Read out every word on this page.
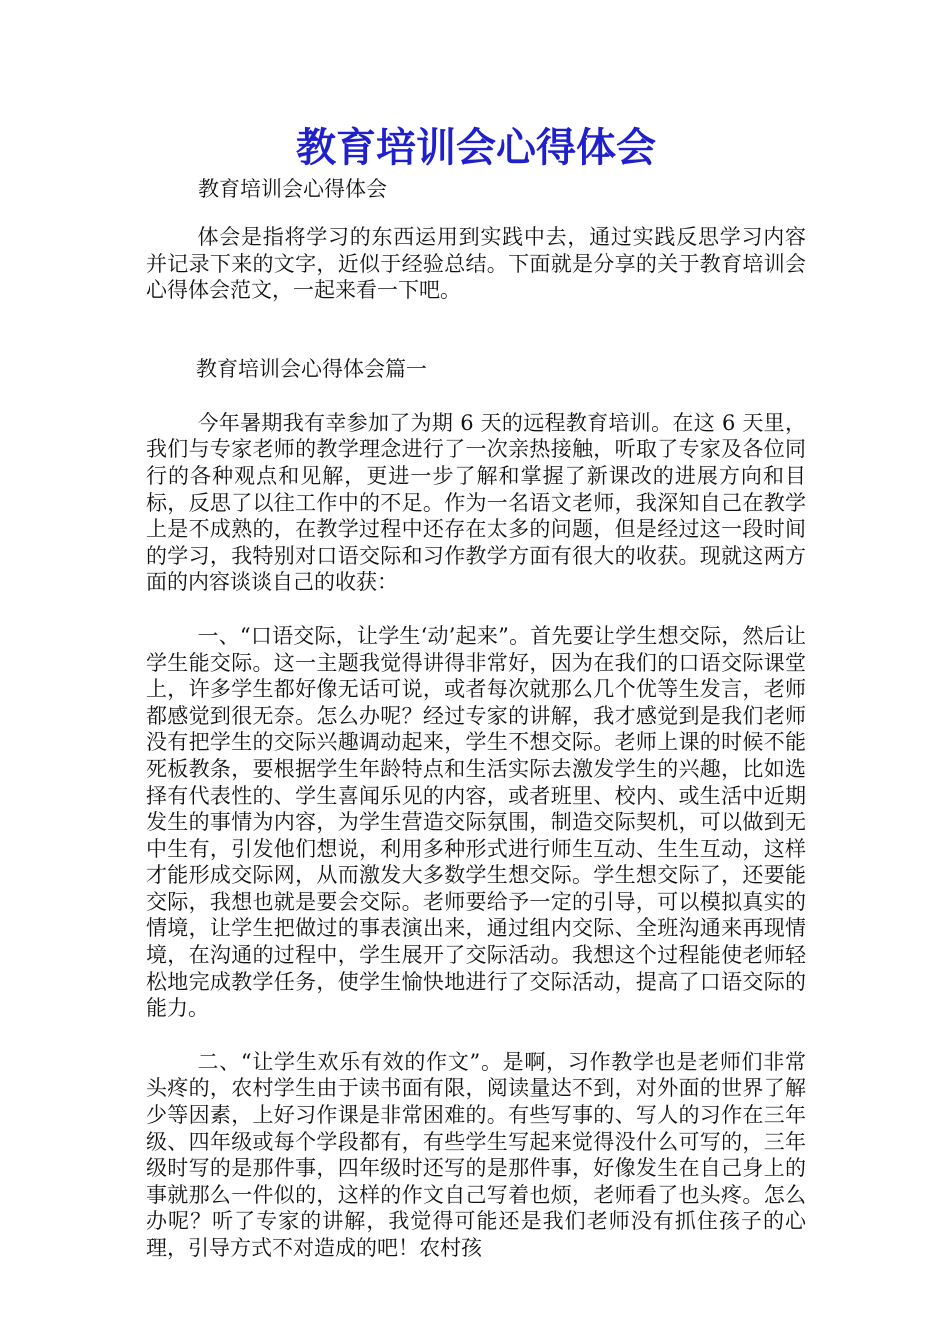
教育培训会心得体会
教育培训会心得体会

体会是指将学习的东西运用到实践中去，通过实践反思学习内容并记录下来的文字，近似于经验总结。下面就是分享的关于教育培训会心得体会范文，一起来看一下吧。

教育培训会心得体会篇一

今年暑期我有幸参加了为期 6 天的远程教育培训。在这 6 天里，我们与专家老师的教学理念进行了一次亲热接触，听取了专家及各位同行的各种观点和见解，更进一步了解和掌握了新课改的进展方向和目标，反思了以往工作中的不足。作为一名语文老师，我深知自己在教学上是不成熟的，在教学过程中还存在太多的问题，但是经过这一段时间的学习，我特别对口语交际和习作教学方面有很大的收获。现就这两方面的内容谈谈自己的收获：

一、“口语交际，让学生‘动’起来”。首先要让学生想交际，然后让学生能交际。这一主题我觉得讲得非常好，因为在我们的口语交际课堂上，许多学生都好像无话可说，或者每次就那么几个优等生发言，老师都感觉到很无奈。怎么办呢？经过专家的讲解，我才感觉到是我们老师没有把学生的交际兴趣调动起来，学生不想交际。老师上课的时候不能死板教条，要根据学生年龄特点和生活实际去激发学生的兴趣，比如选择有代表性的、学生喜闻乐见的内容，或者班里、校内、或生活中近期发生的事情为内容，为学生营造交际氛围，制造交际契机，可以做到无中生有，引发他们想说，利用多种形式进行师生互动、生生互动，这样才能形成交际网，从而激发大多数学生想交际。学生想交际了，还要能交际，我想也就是要会交际。老师要给予一定的引导，可以模拟真实的情境，让学生把做过的事表演出来，通过组内交际、全班沟通来再现情境，在沟通的过程中，学生展开了交际活动。我想这个过程能使老师轻松地完成教学任务，使学生愉快地进行了交际活动，提高了口语交际的能力。

二、“让学生欢乐有效的作文”。是啊，习作教学也是老师们非常头疼的，农村学生由于读书面有限，阅读量达不到，对外面的世界了解少等因素，上好习作课是非常困难的。有些写事的、写人的习作在三年级、四年级或每个学段都有，有些学生写起来觉得没什么可写的，三年级时写的是那件事，四年级时还写的是那件事，好像发生在自己身上的事就那么一件似的，这样的作文自己写着也烦，老师看了也头疼。怎么办呢？听了专家的讲解，我觉得可能还是我们老师没有抓住孩子的心理，引导方式不对造成的吧！农村孩
